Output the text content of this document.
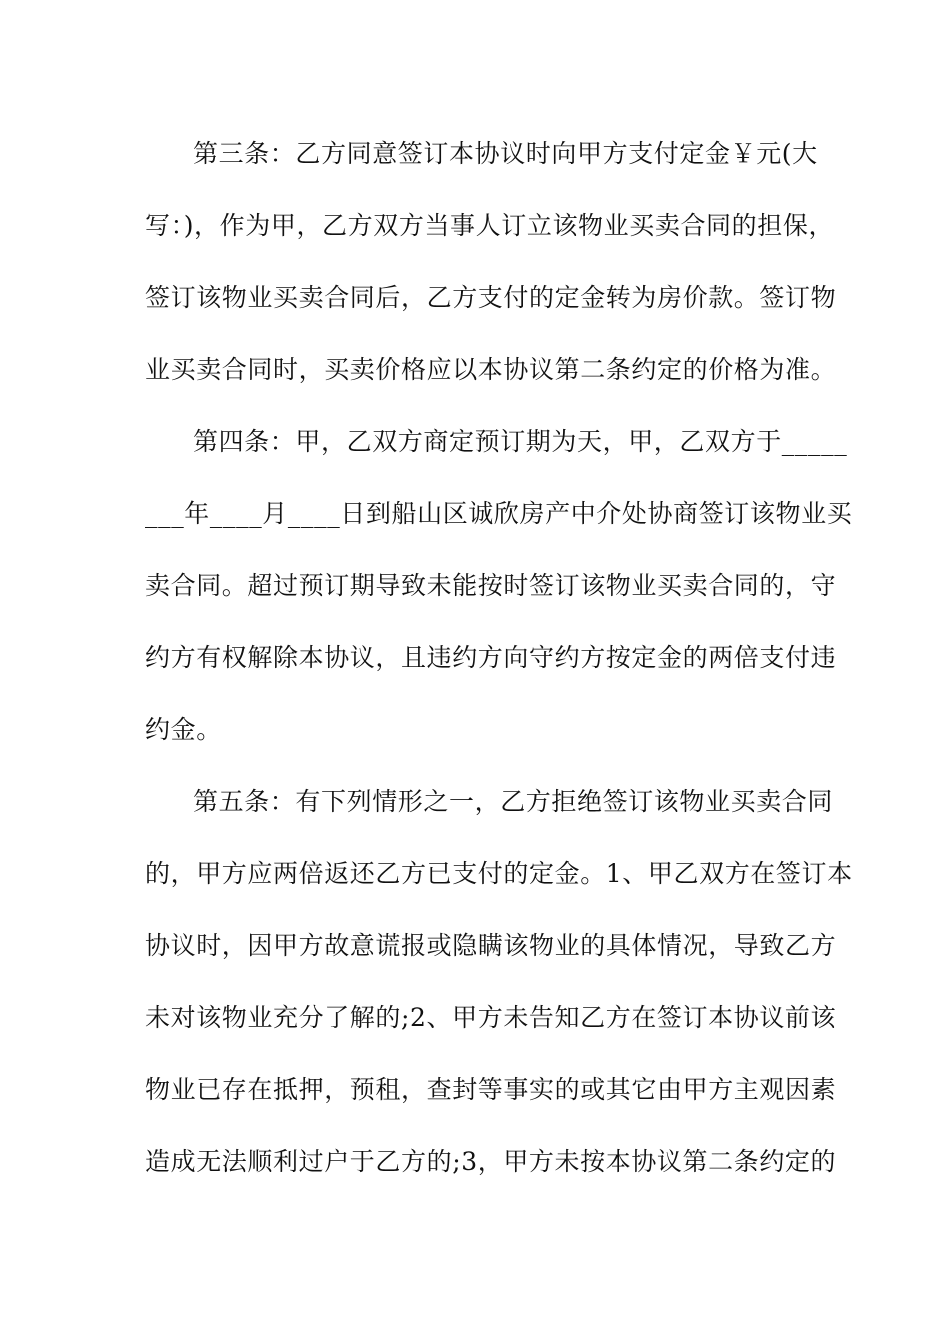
第三条：乙方同意签订本协议时向甲方支付定金￥元(大
写：)，作为甲，乙方双方当事人订立该物业买卖合同的担保，
签订该物业买卖合同后，乙方支付的定金转为房价款。签订物
业买卖合同时，买卖价格应以本协议第二条约定的价格为准。
第四条：甲，乙双方商定预订期为天，甲，乙双方于_____
___年____月____日到船山区诚欣房产中介处协商签订该物业买
卖合同。超过预订期导致未能按时签订该物业买卖合同的，守
约方有权解除本协议，且违约方向守约方按定金的两倍支付违
约金。
第五条：有下列情形之一，乙方拒绝签订该物业买卖合同
的，甲方应两倍返还乙方已支付的定金。1、甲乙双方在签订本
协议时，因甲方故意谎报或隐瞒该物业的具体情况，导致乙方
未对该物业充分了解的;2、甲方未告知乙方在签订本协议前该
物业已存在抵押，预租，查封等事实的或其它由甲方主观因素
造成无法顺利过户于乙方的;3，甲方未按本协议第二条约定的
